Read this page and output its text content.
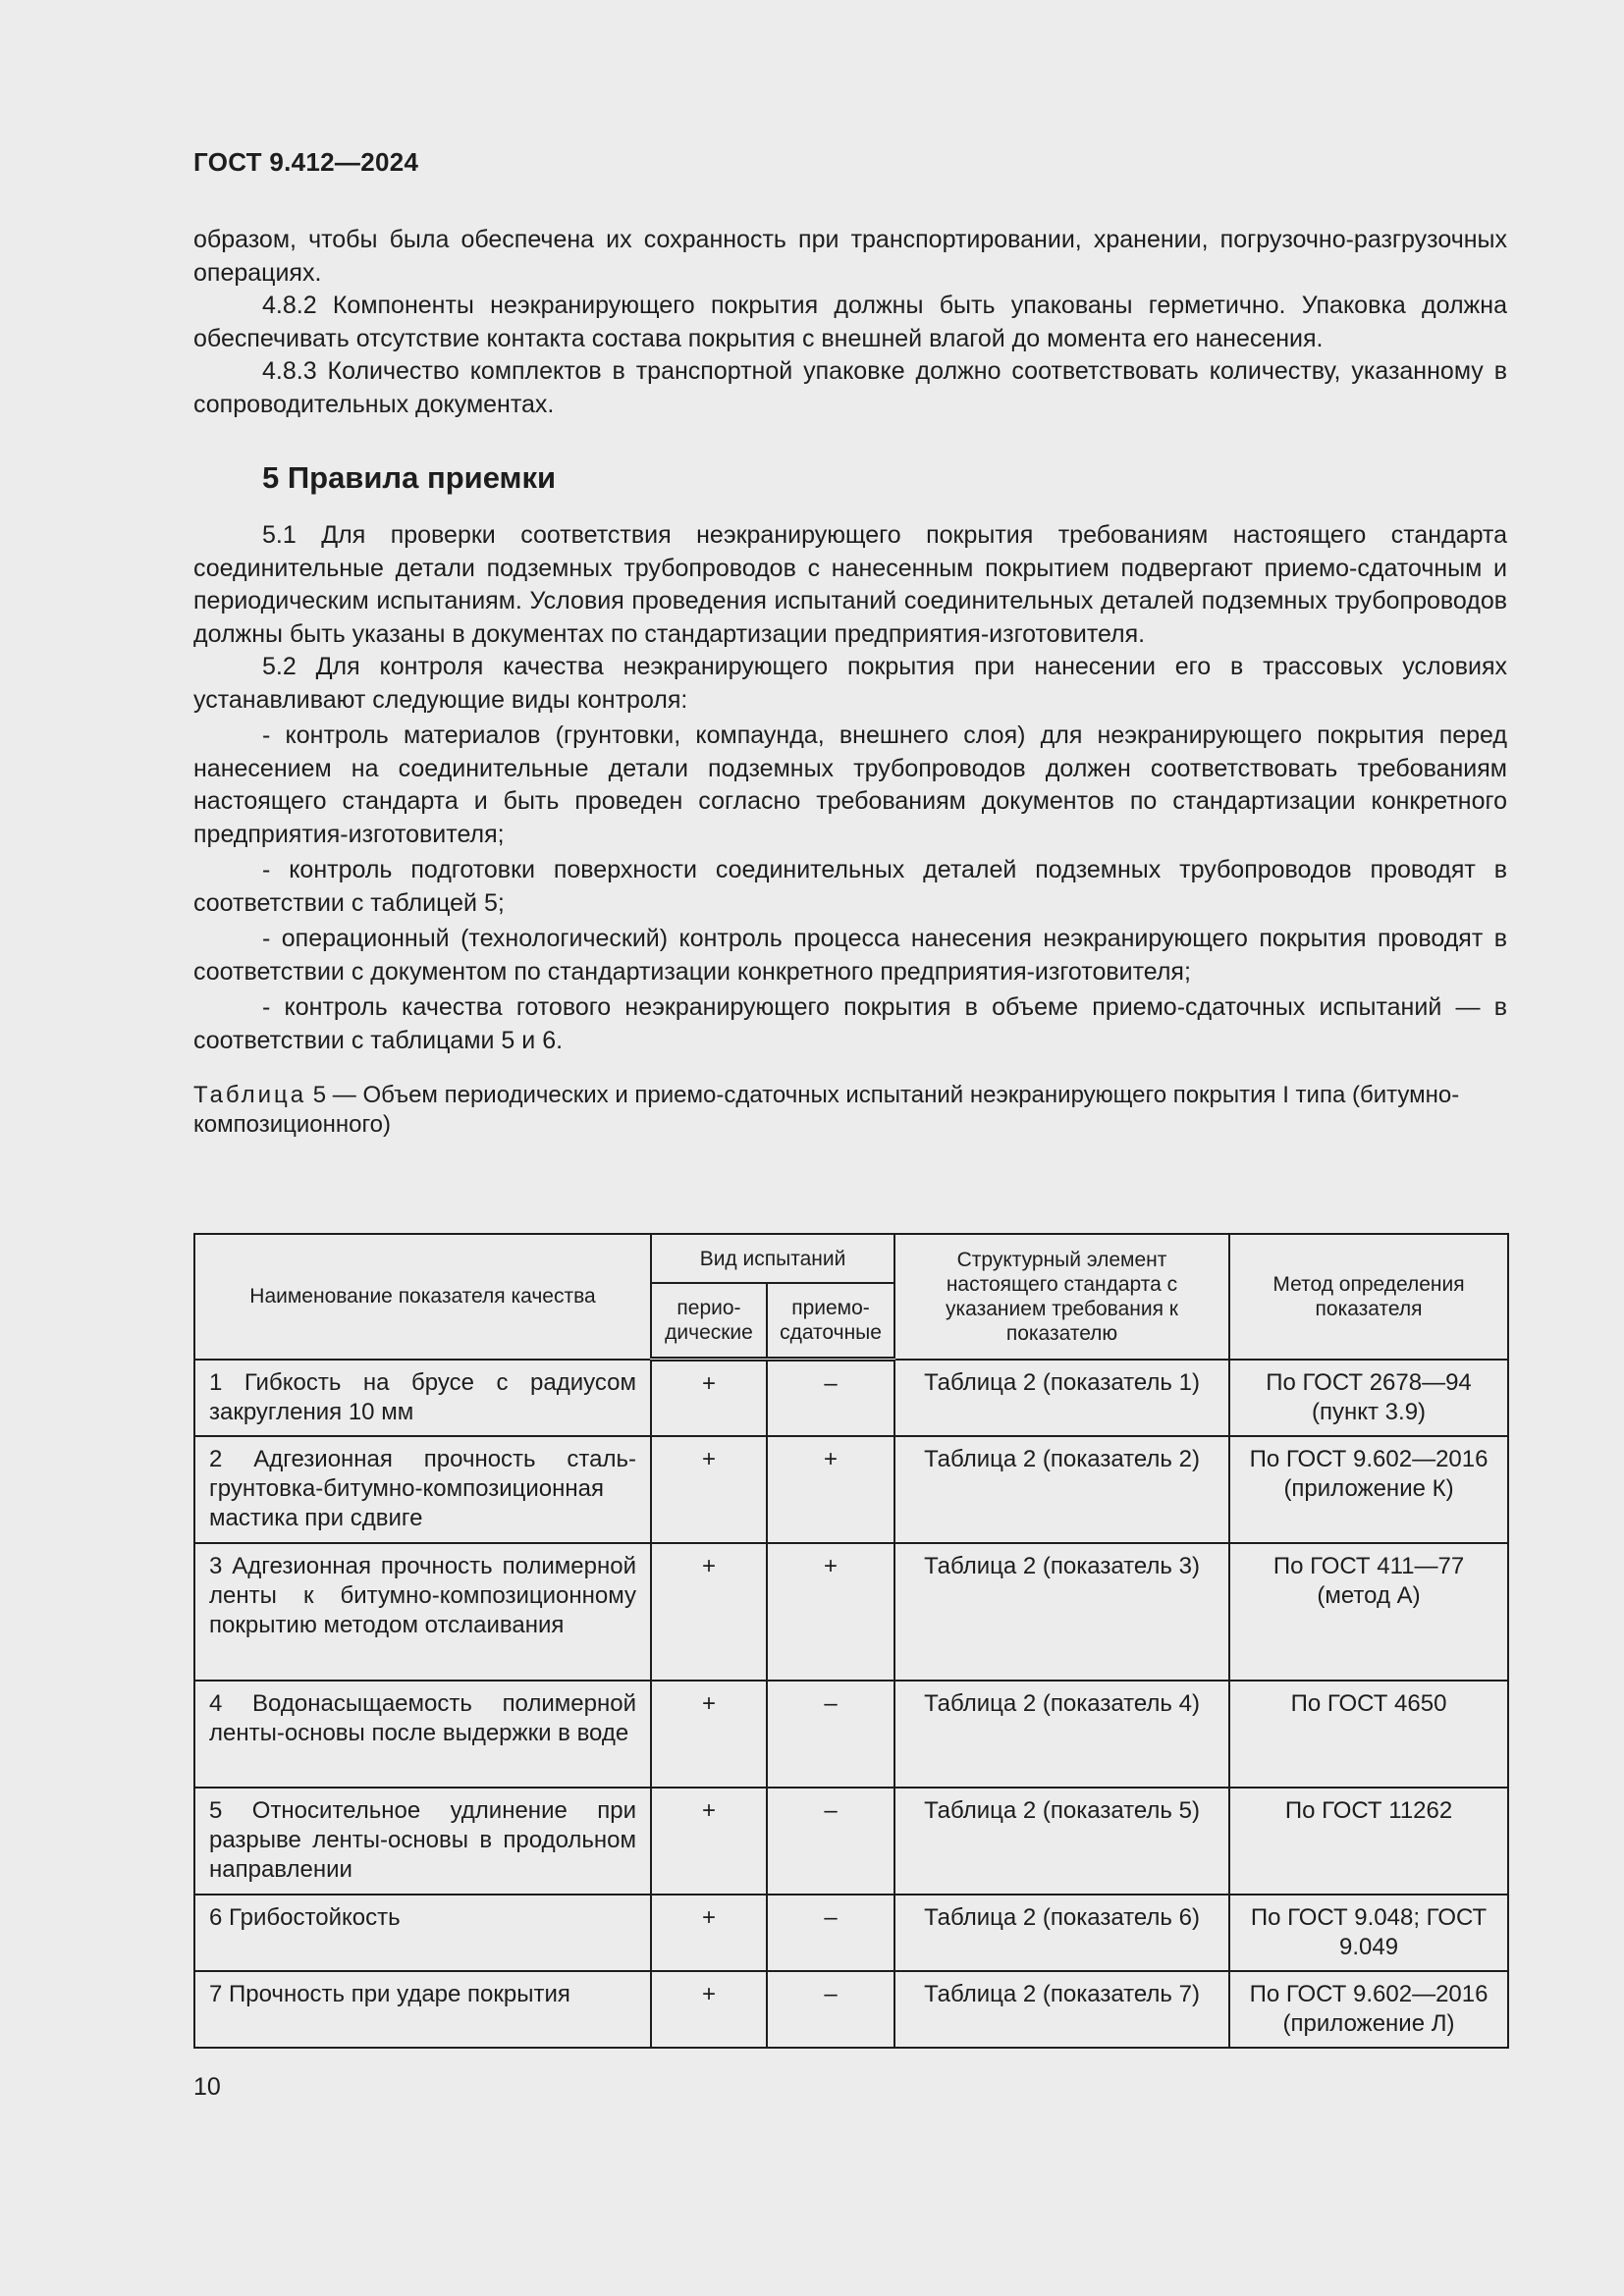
ГОСТ 9.412—2024

образом, чтобы была обеспечена их сохранность при транспортировании, хранении, погрузочно-разгрузочных операциях.

4.8.2 Компоненты неэкранирующего покрытия должны быть упакованы герметично. Упаковка должна обеспечивать отсутствие контакта состава покрытия с внешней влагой до момента его нанесения.

4.8.3 Количество комплектов в транспортной упаковке должно соответствовать количеству, указанному в сопроводительных документах.

5 Правила приемки

5.1 Для проверки соответствия неэкранирующего покрытия требованиям настоящего стандарта соединительные детали подземных трубопроводов с нанесенным покрытием подвергают приемо-сдаточным и периодическим испытаниям. Условия проведения испытаний соединительных деталей подземных трубопроводов должны быть указаны в документах по стандартизации предприятия-изготовителя.

5.2 Для контроля качества неэкранирующего покрытия при нанесении его в трассовых условиях устанавливают следующие виды контроля:

- контроль материалов (грунтовки, компаунда, внешнего слоя) для неэкранирующего покрытия перед нанесением на соединительные детали подземных трубопроводов должен соответствовать требованиям настоящего стандарта и быть проведен согласно требованиям документов по стандартизации конкретного предприятия-изготовителя;

- контроль подготовки поверхности соединительных деталей подземных трубопроводов проводят в соответствии с таблицей 5;

- операционный (технологический) контроль процесса нанесения неэкранирующего покрытия проводят в соответствии с документом по стандартизации конкретного предприятия-изготовителя;

- контроль качества готового неэкранирующего покрытия в объеме приемо-сдаточных испытаний — в соответствии с таблицами 5 и 6.

Таблица 5 — Объем периодических и приемо-сдаточных испытаний неэкранирующего покрытия I типа (битумно-композиционного)

Наименование показателя качества	Вид испытаний		Структурный элемент настоящего стандарта с указанием требования к показателю	Метод определения показателя
	перио-дические	приемо-сдаточные		
1 Гибкость на брусе с радиусом закругления 10 мм	+	–	Таблица 2 (показатель 1)	По ГОСТ 2678—94 (пункт 3.9)
2 Адгезионная прочность сталь-грунтовка-битумно-композиционная мастика при сдвиге	+	+	Таблица 2 (показатель 2)	По ГОСТ 9.602—2016 (приложение К)
3 Адгезионная прочность полимерной ленты к битумно-композиционному покрытию методом отслаивания	+	+	Таблица 2 (показатель 3)	По ГОСТ 411—77 (метод А)
4 Водонасыщаемость полимерной ленты-основы после выдержки в воде	+	–	Таблица 2 (показатель 4)	По ГОСТ 4650
5 Относительное удлинение при разрыве ленты-основы в продольном направлении	+	–	Таблица 2 (показатель 5)	По ГОСТ 11262
6 Грибостойкость	+	–	Таблица 2 (показатель 6)	По ГОСТ 9.048; ГОСТ 9.049
7 Прочность при ударе покрытия	+	–	Таблица 2 (показатель 7)	По ГОСТ 9.602—2016 (приложение Л)
10
